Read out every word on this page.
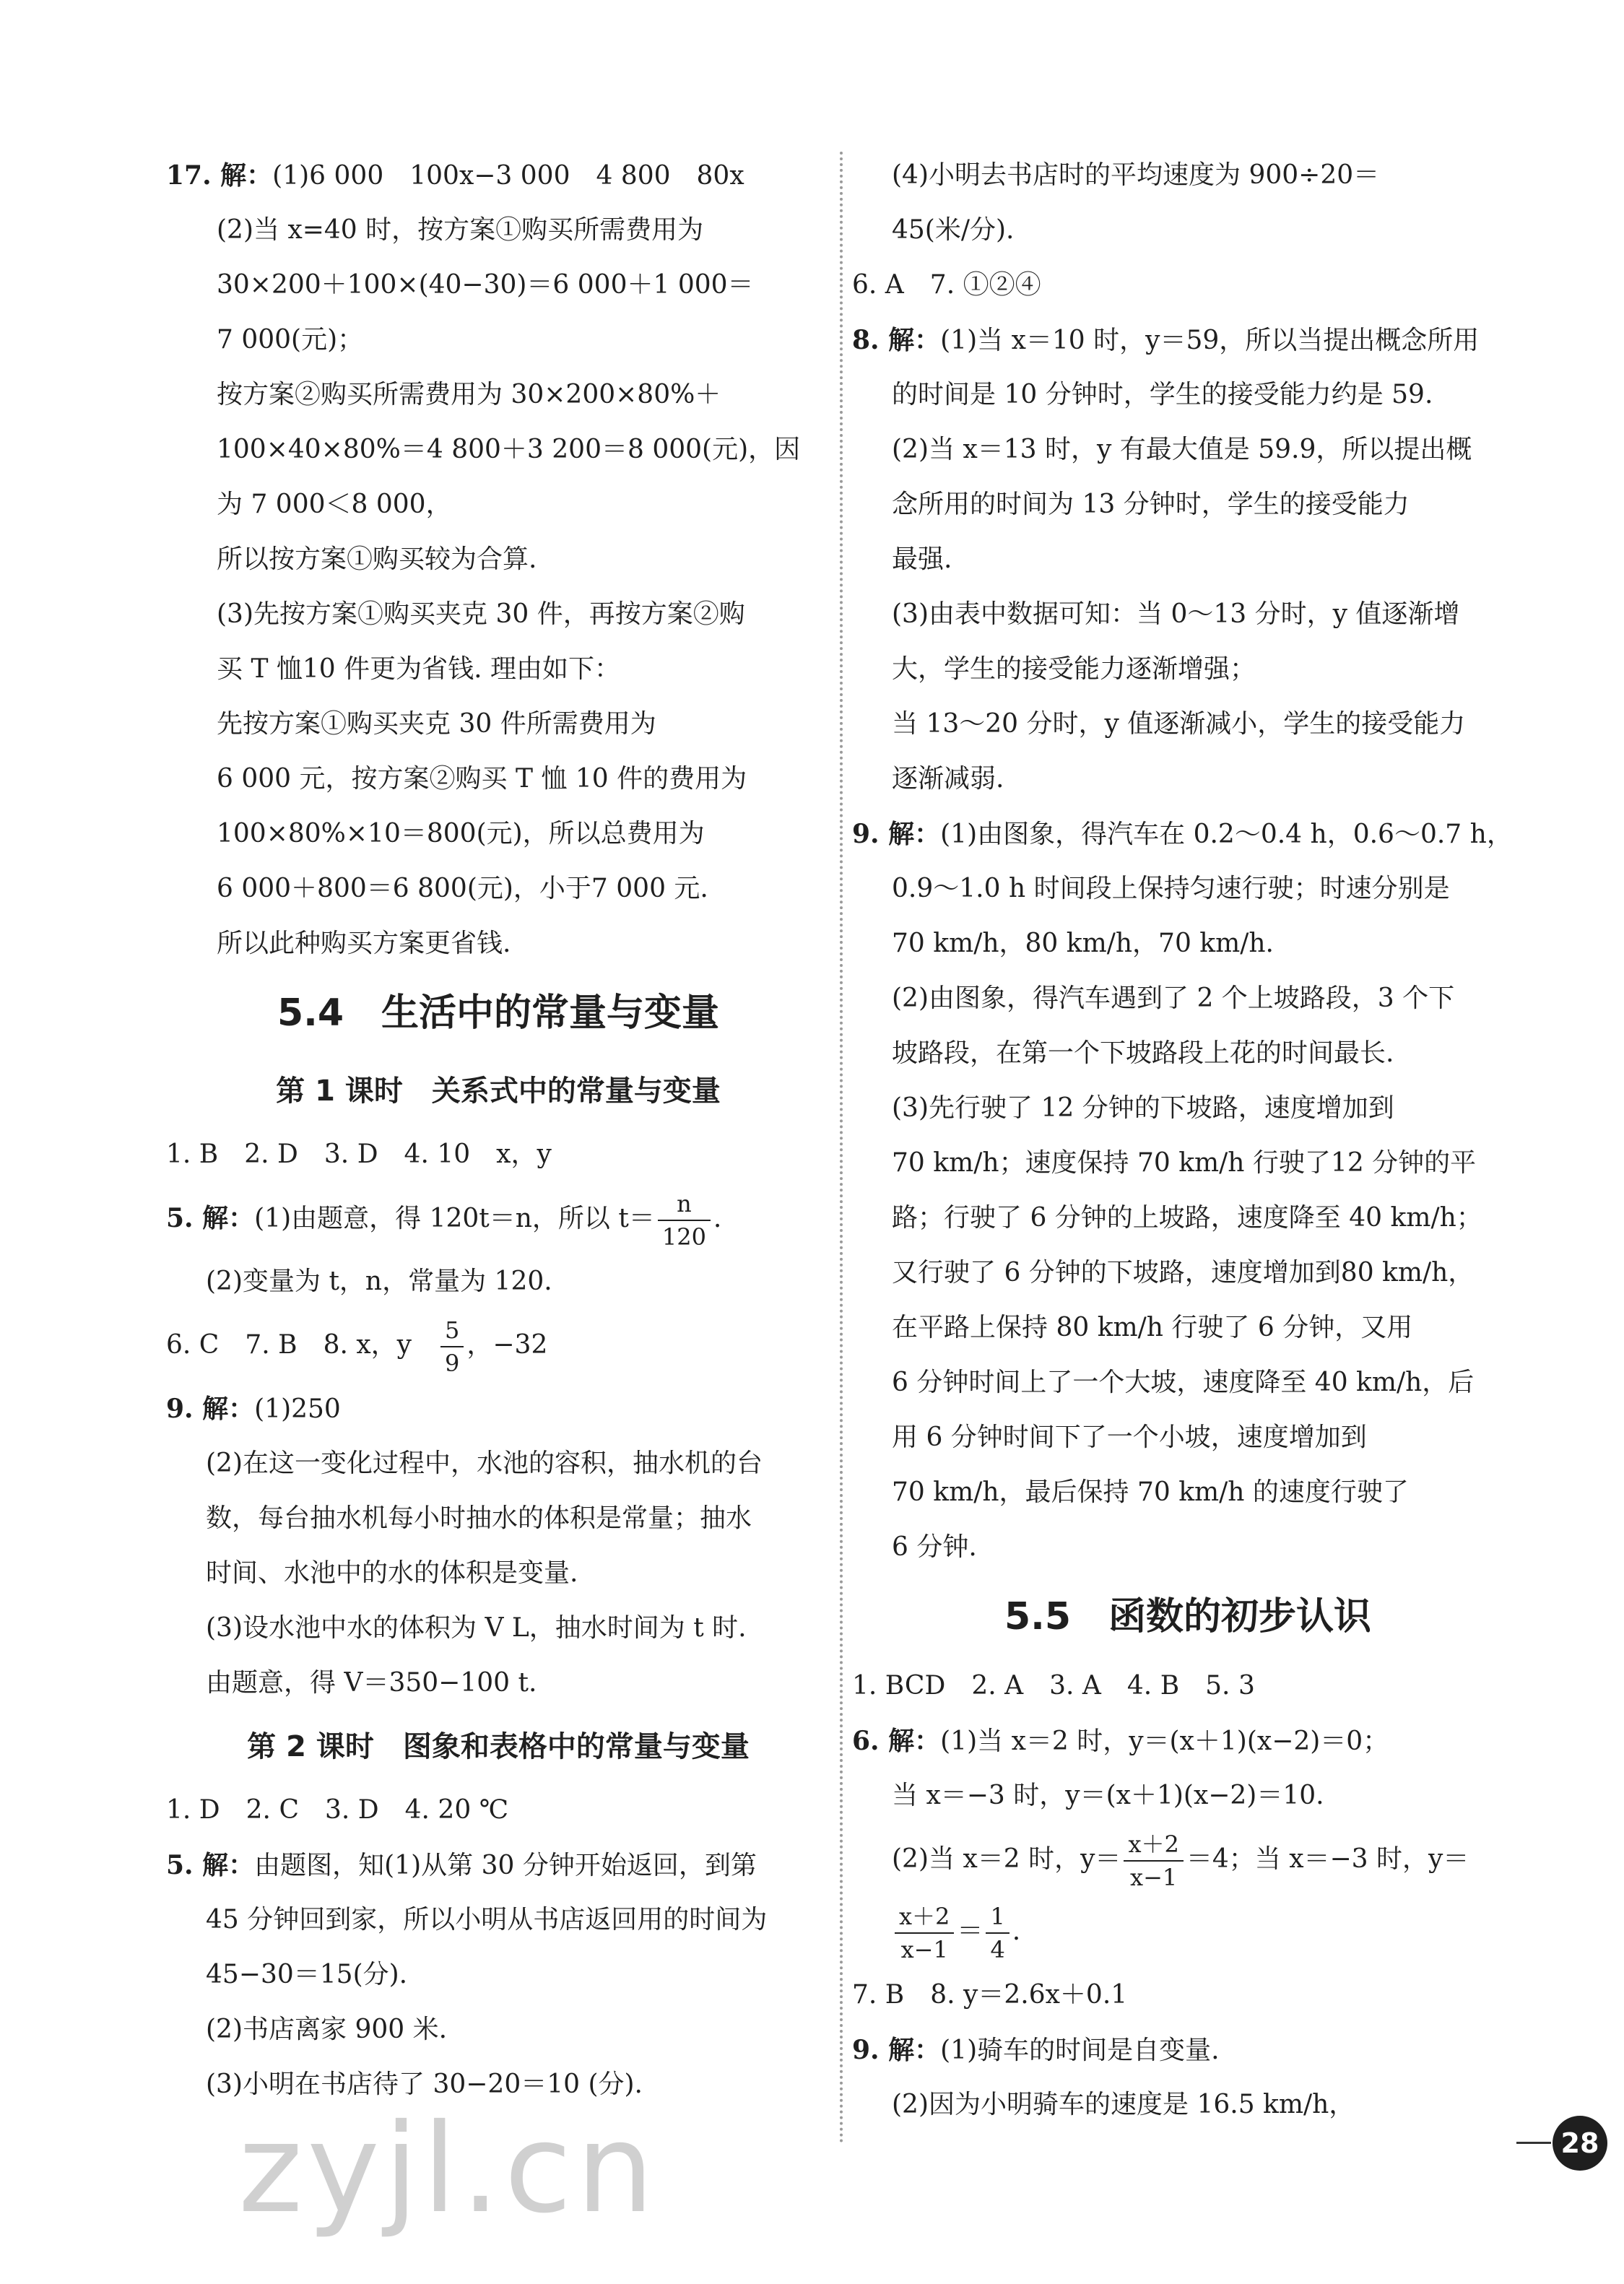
17. 解：(1)6 000　100x−3 000　4 800　80x
(2)当 x=40 时，按方案①购买所需费用为
30×200＋100×(40−30)＝6 000＋1 000＝
7 000(元)；
按方案②购买所需费用为 30×200×80%＋
100×40×80%＝4 800＋3 200＝8 000(元)，因
为 7 000＜8 000，
所以按方案①购买较为合算.
(3)先按方案①购买夹克 30 件，再按方案②购
买 T 恤10 件更为省钱. 理由如下：
先按方案①购买夹克 30 件所需费用为
6 000 元，按方案②购买 T 恤 10 件的费用为
100×80%×10＝800(元)，所以总费用为
6 000＋800＝6 800(元)，小于7 000 元.
所以此种购买方案更省钱.
5.4　生活中的常量与变量
第 1 课时　关系式中的常量与变量
1. B　2. D　3. D　4. 10　x，y
5. 解：(1)由题意，得 120t＝n，所以 $t= \frac{n}{120}$ .
(2)变量为 t，n，常量为 120.
6. C　7. B　8. x，y　 $\frac{5}{9}$ ，−32
9. 解：(1)250
(2)在这一变化过程中，水池的容积，抽水机的台
数，每台抽水机每小时抽水的体积是常量；抽水
时间、水池中的水的体积是变量.
(3)设水池中水的体积为 V L，抽水时间为 t 时.
由题意，得 V＝350−100 t.
第 2 课时　图象和表格中的常量与变量
1. D　2. C　3. D　4. 20 ℃
5. 解：由题图，知(1)从第 30 分钟开始返回，到第
45 分钟回到家，所以小明从书店返回用的时间为
45−30＝15(分).
(2)书店离家 900 米.
(3)小明在书店待了 30−20＝10 (分).
(4)小明去书店时的平均速度为 900÷20＝
45(米/分).
6. A　7. ①②④
8. 解：(1)当 x＝10 时，y＝59，所以当提出概念所用
的时间是 10 分钟时，学生的接受能力约是 59.
(2)当 x＝13 时，y 有最大值是 59.9，所以提出概
念所用的时间为 13 分钟时，学生的接受能力
最强.
(3)由表中数据可知：当 0～13 分时，y 值逐渐增
大，学生的接受能力逐渐增强；
当 13～20 分时，y 值逐渐减小，学生的接受能力
逐渐减弱.
9. 解：(1)由图象，得汽车在 0.2～0.4 h，0.6～0.7 h，
0.9～1.0 h 时间段上保持匀速行驶；时速分别是
70 km/h，80 km/h，70 km/h.
(2)由图象，得汽车遇到了 2 个上坡路段，3 个下
坡路段，在第一个下坡路段上花的时间最长.
(3)先行驶了 12 分钟的下坡路，速度增加到
70 km/h；速度保持 70 km/h 行驶了12 分钟的平
路；行驶了 6 分钟的上坡路，速度降至 40 km/h；
又行驶了 6 分钟的下坡路，速度增加到80 km/h，
在平路上保持 80 km/h 行驶了 6 分钟，又用
6 分钟时间上了一个大坡，速度降至 40 km/h，后
用 6 分钟时间下了一个小坡，速度增加到
70 km/h，最后保持 70 km/h 的速度行驶了
6 分钟.
5.5　函数的初步认识
1. BCD　2. A　3. A　4. B　5. 3
6. 解：(1)当 x＝2 时，y＝(x＋1)(x−2)＝0；
当 x＝−3 时，y＝(x＋1)(x−2)＝10.
(2)当 x＝2 时，$y= \frac{x+2}{x-1} =4$；当 x＝−3 时，y＝
$\frac{x+2}{x-1} = \frac{1}{4}$ .
7. B　8. y＝2.6x＋0.1
9. 解：(1)骑车的时间是自变量.
(2)因为小明骑车的速度是 16.5 km/h，
zyjl.cn	28
